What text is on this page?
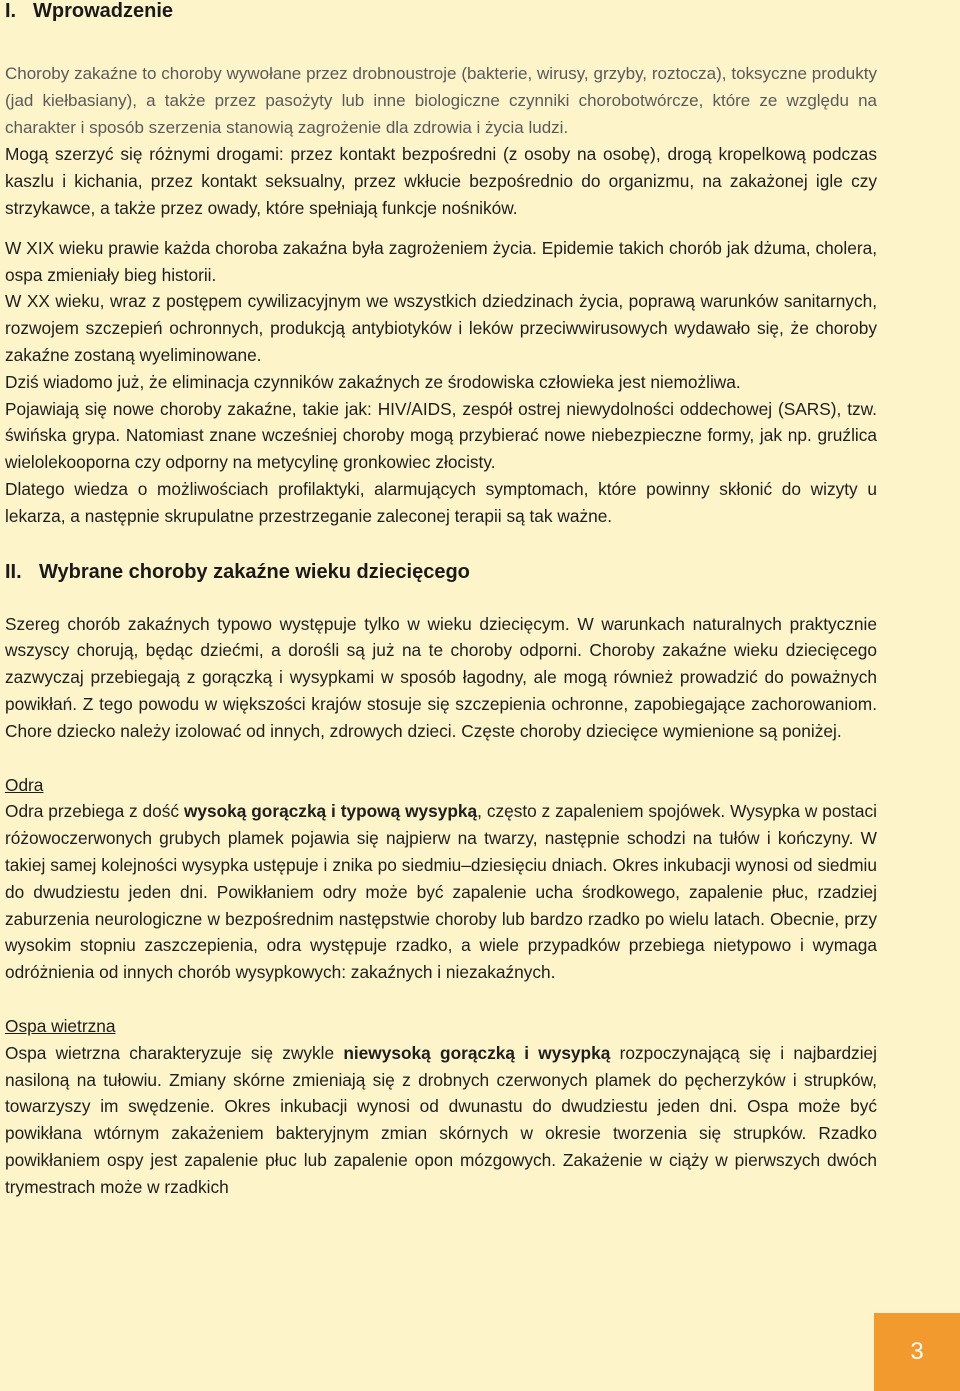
I. Wprowadzenie

Choroby zakaźne to choroby wywołane przez drobnoustroje (bakterie, wirusy, grzyby, roztocza), toksyczne produkty (jad kiełbasiany), a także przez pasożyty lub inne biologiczne czynniki chorobotwórcze, które ze względu na charakter i sposób szerzenia stanowią zagrożenie dla zdrowia i życia ludzi.

Mogą szerzyć się różnymi drogami: przez kontakt bezpośredni (z osoby na osobę), drogą kropelkową podczas kaszlu i kichania, przez kontakt seksualny, przez wkłucie bezpośrednio do organizmu, na zakażonej igle czy strzykawce, a także przez owady, które spełniają funkcje nośników.

W XIX wieku prawie każda choroba zakaźna była zagrożeniem życia. Epidemie takich chorób jak dżuma, cholera, ospa zmieniały bieg historii.

W XX wieku, wraz z postępem cywilizacyjnym we wszystkich dziedzinach życia, poprawą warunków sanitarnych, rozwojem szczepień ochronnych, produkcją antybiotyków i leków przeciwwirusowych wydawało się, że choroby zakaźne zostaną wyeliminowane.

Dziś wiadomo już, że eliminacja czynników zakaźnych ze środowiska człowieka jest niemożliwa.

Pojawiają się nowe choroby zakaźne, takie jak: HIV/AIDS, zespół ostrej niewydolności oddechowej (SARS), tzw. świńska grypa. Natomiast znane wcześniej choroby mogą przybierać nowe niebezpieczne formy, jak np. gruźlica wielolekooporna czy odporny na metycylinę gronkowiec złocisty.

Dlatego wiedza o możliwościach profilaktyki, alarmujących symptomach, które powinny skłonić do wizyty u lekarza, a następnie skrupulatne przestrzeganie zaleconej terapii są tak ważne.

II. Wybrane choroby zakaźne wieku dziecięcego

Szereg chorób zakaźnych typowo występuje tylko w wieku dziecięcym. W warunkach naturalnych praktycznie wszyscy chorują, będąc dziećmi, a dorośli są już na te choroby odporni. Choroby zakaźne wieku dziecięcego zazwyczaj przebiegają z gorączką i wysypkami w sposób łagodny, ale mogą również prowadzić do poważnych powikłań. Z tego powodu w większości krajów stosuje się szczepienia ochronne, zapobiegające zachorowaniom. Chore dziecko należy izolować od innych, zdrowych dzieci. Częste choroby dziecięce wymienione są poniżej.

Odra

Odra przebiega z dość wysoką gorączką i typową wysypką, często z zapaleniem spojówek. Wysypka w postaci różowoczerwonych grubych plamek pojawia się najpierw na twarzy, następnie schodzi na tułów i kończyny. W takiej samej kolejności wysypka ustępuje i znika po siedmiu–dziesięciu dniach. Okres inkubacji wynosi od siedmiu do dwudziestu jeden dni. Powikłaniem odry może być zapalenie ucha środkowego, zapalenie płuc, rzadziej zaburzenia neurologiczne w bezpośrednim następstwie choroby lub bardzo rzadko po wielu latach. Obecnie, przy wysokim stopniu zaszczepienia, odra występuje rzadko, a wiele przypadków przebiega nietypowo i wymaga odróżnienia od innych chorób wysypkowych: zakaźnych i niezakaźnych.

Ospa wietrzna

Ospa wietrzna charakteryzuje się zwykle niewysoką gorączką i wysypką rozpoczynającą się i najbardziej nasiloną na tułowiu. Zmiany skórne zmieniają się z drobnych czerwonych plamek do pęcherzyków i strupków, towarzyszy im swędzenie. Okres inkubacji wynosi od dwunastu do dwudziestu jeden dni. Ospa może być powikłana wtórnym zakażeniem bakteryjnym zmian skórnych w okresie tworzenia się strupków. Rzadko powikłaniem ospy jest zapalenie płuc lub zapalenie opon mózgowych. Zakażenie w ciąży w pierwszych dwóch trymestrach może w rzadkich

3
